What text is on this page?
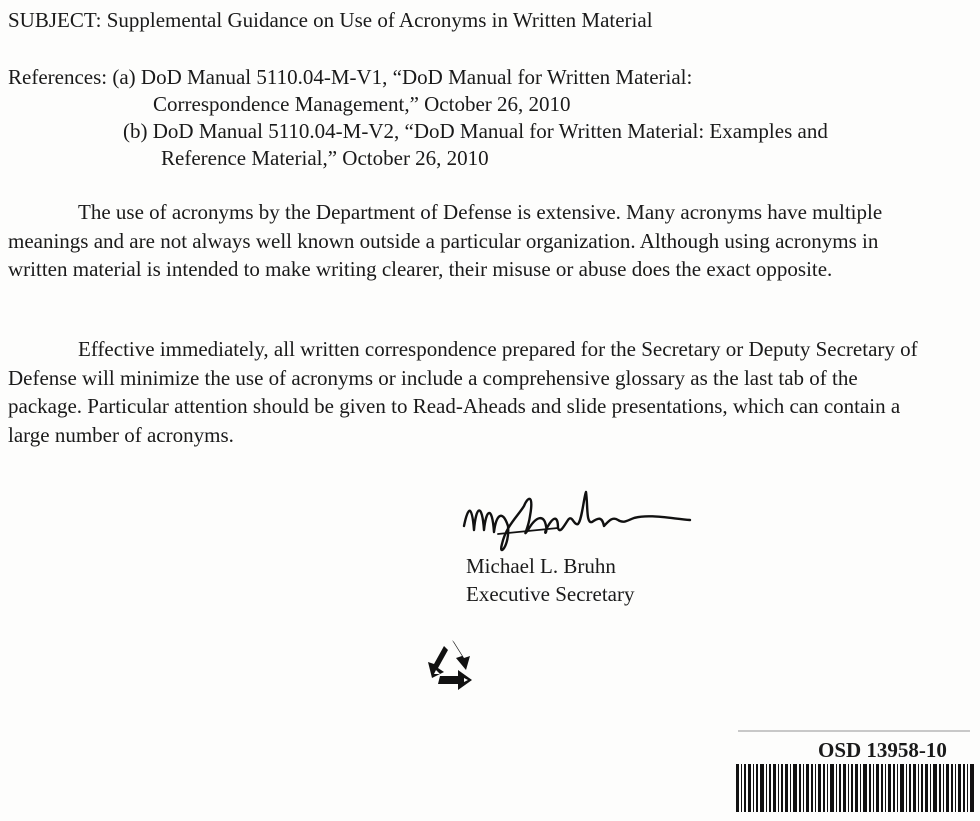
SUBJECT: Supplemental Guidance on Use of Acronyms in Written Material
References: (a) DoD Manual 5110.04-M-V1, “DoD Manual for Written Material:
Correspondence Management,” October 26, 2010
(b) DoD Manual 5110.04-M-V2, “DoD Manual for Written Material: Examples and
Reference Material,” October 26, 2010

The use of acronyms by the Department of Defense is extensive. Many acronyms have multiple meanings and are not always well known outside a particular organization. Although using acronyms in written material is intended to make writing clearer, their misuse or abuse does the exact opposite.

Effective immediately, all written correspondence prepared for the Secretary or Deputy Secretary of Defense will minimize the use of acronyms or include a comprehensive glossary as the last tab of the package. Particular attention should be given to Read-Aheads and slide presentations, which can contain a large number of acronyms.

Michael L. Bruhn
Executive Secretary
OSD 13958-10
